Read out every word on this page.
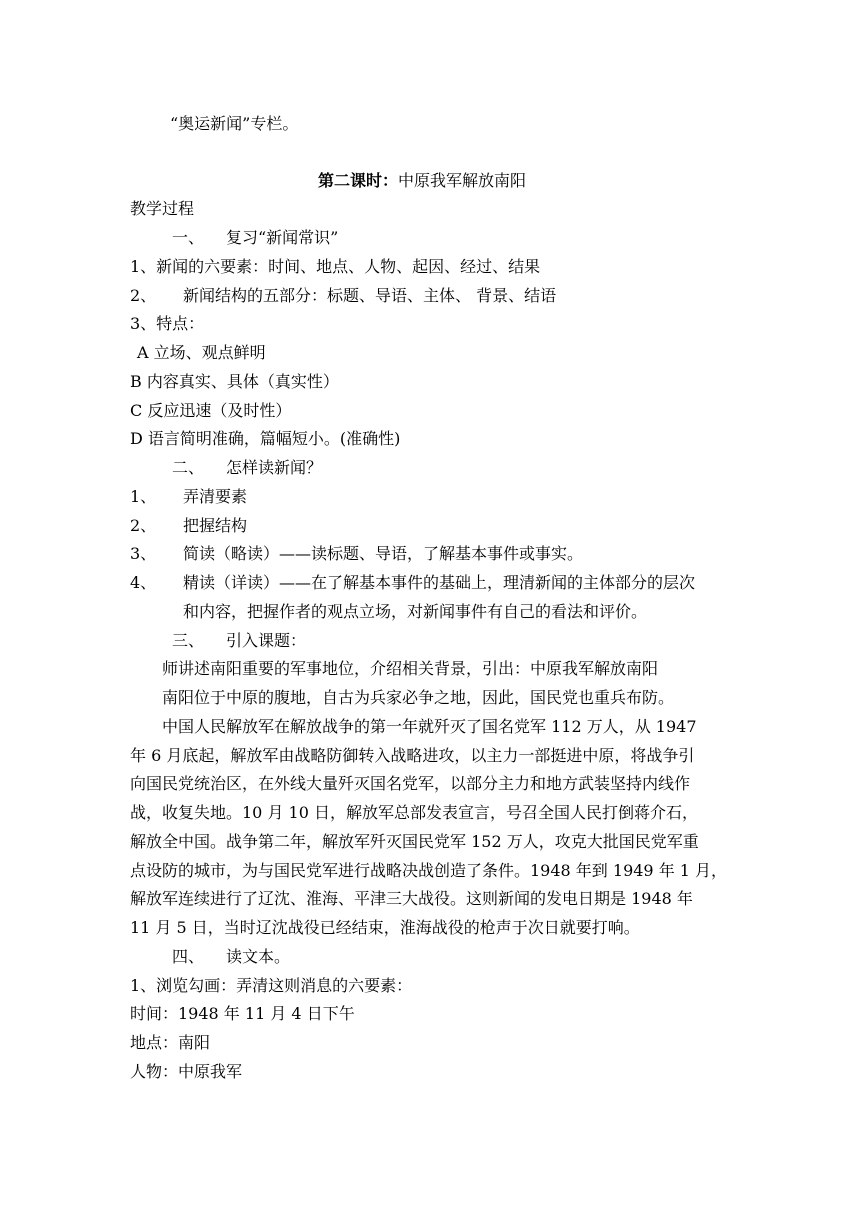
“奥运新闻”专栏。
第二课时：中原我军解放南阳
教学过程
一、 复习“新闻常识”
1、新闻的六要素：时间、地点、人物、起因、经过、结果
2、 新闻结构的五部分：标题、导语、主体、 背景、结语
3、特点：
A 立场、观点鲜明
B 内容真实、具体（真实性）
C 反应迅速（及时性）
D 语言简明准确，篇幅短小。(准确性)
二、 怎样读新闻？
1、 弄清要素
2、 把握结构
3、 简读（略读）——读标题、导语，了解基本事件或事实。
4、 精读（详读）——在了解基本事件的基础上，理清新闻的主体部分的层次
和内容，把握作者的观点立场，对新闻事件有自己的看法和评价。
三、 引入课题：
师讲述南阳重要的军事地位，介绍相关背景，引出：中原我军解放南阳
南阳位于中原的腹地，自古为兵家必争之地，因此，国民党也重兵布防。
中国人民解放军在解放战争的第一年就歼灭了国名党军 112 万人，从 1947
年 6 月底起，解放军由战略防御转入战略进攻，以主力一部挺进中原，将战争引
向国民党统治区，在外线大量歼灭国名党军，以部分主力和地方武装坚持内线作
战，收复失地。10 月 10 日，解放军总部发表宣言，号召全国人民打倒蒋介石，
解放全中国。战争第二年，解放军歼灭国民党军 152 万人，攻克大批国民党军重
点设防的城市，为与国民党军进行战略决战创造了条件。1948 年到 1949 年 1 月，
解放军连续进行了辽沈、淮海、平津三大战役。这则新闻的发电日期是 1948 年
11 月 5 日，当时辽沈战役已经结束，淮海战役的枪声于次日就要打响。
四、 读文本。
1、浏览勾画：弄清这则消息的六要素：
时间：1948 年 11 月 4 日下午
地点：南阳
人物：中原我军
